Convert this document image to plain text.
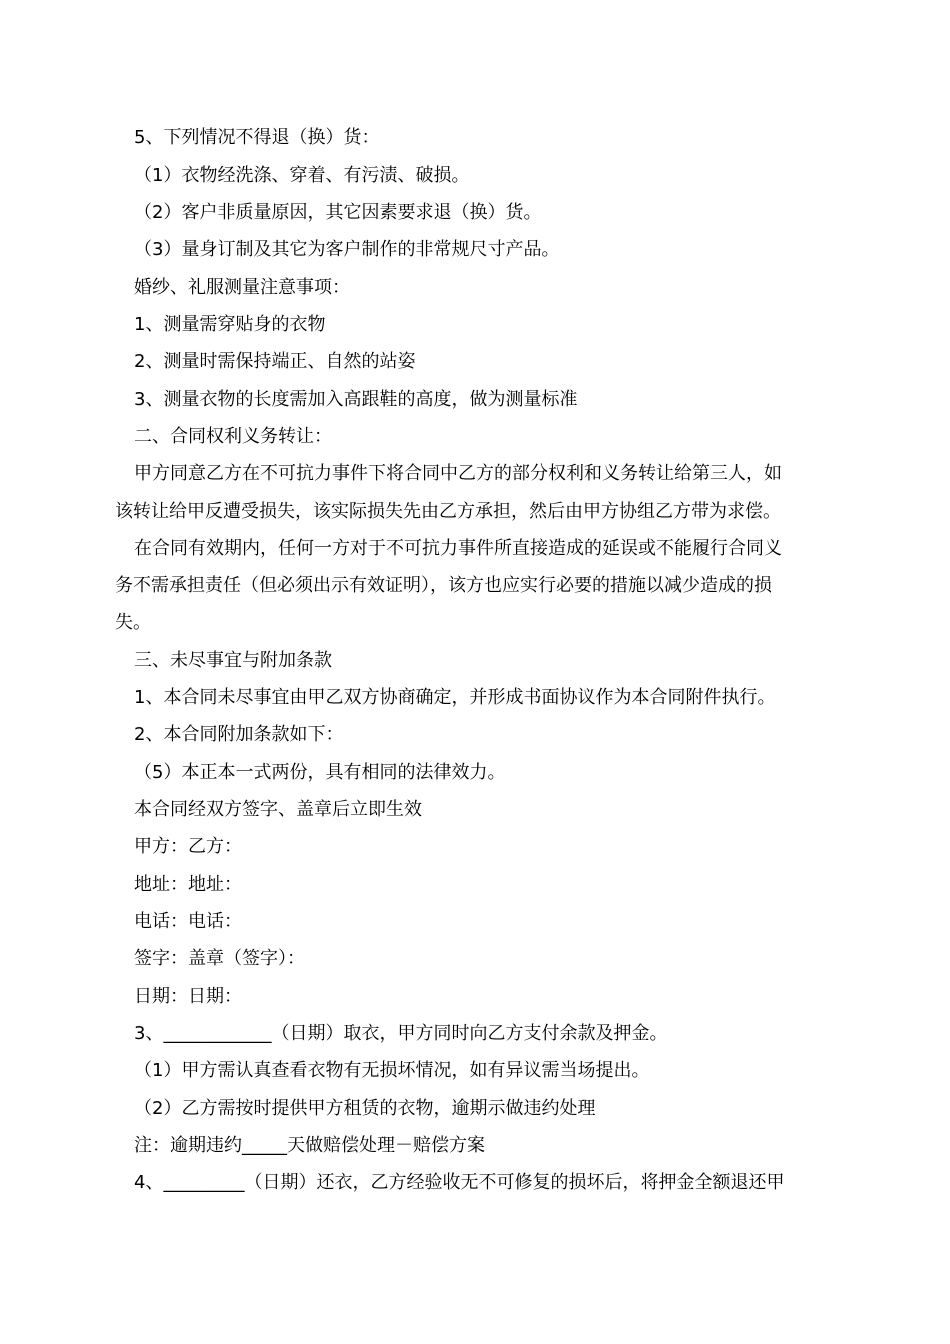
5、下列情况不得退（换）货：
（1）衣物经洗涤、穿着、有污渍、破损。
（2）客户非质量原因，其它因素要求退（换）货。
（3）量身订制及其它为客户制作的非常规尺寸产品。
婚纱、礼服测量注意事项：
1、测量需穿贴身的衣物
2、测量时需保持端正、自然的站姿
3、测量衣物的长度需加入高跟鞋的高度，做为测量标准
二、合同权利义务转让：
甲方同意乙方在不可抗力事件下将合同中乙方的部分权利和义务转让给第三人，如
该转让给甲反遭受损失，该实际损失先由乙方承担，然后由甲方协组乙方带为求偿。
在合同有效期内，任何一方对于不可抗力事件所直接造成的延误或不能履行合同义
务不需承担责任（但必须出示有效证明），该方也应实行必要的措施以减少造成的损
失。
三、未尽事宜与附加条款
1、本合同未尽事宜由甲乙双方协商确定，并形成书面协议作为本合同附件执行。
2、本合同附加条款如下：
（5）本正本一式两份，具有相同的法律效力。
本合同经双方签字、盖章后立即生效
甲方：乙方：
地址：地址：
电话：电话：
签字：盖章（签字）：
日期：日期：
3、____________（日期）取衣，甲方同时向乙方支付余款及押金。
（1）甲方需认真查看衣物有无损坏情况，如有异议需当场提出。
（2）乙方需按时提供甲方租赁的衣物，逾期示做违约处理
注：逾期违约_____天做赔偿处理－赔偿方案
4、_________（日期）还衣，乙方经验收无不可修复的损坏后，将押金全额退还甲
